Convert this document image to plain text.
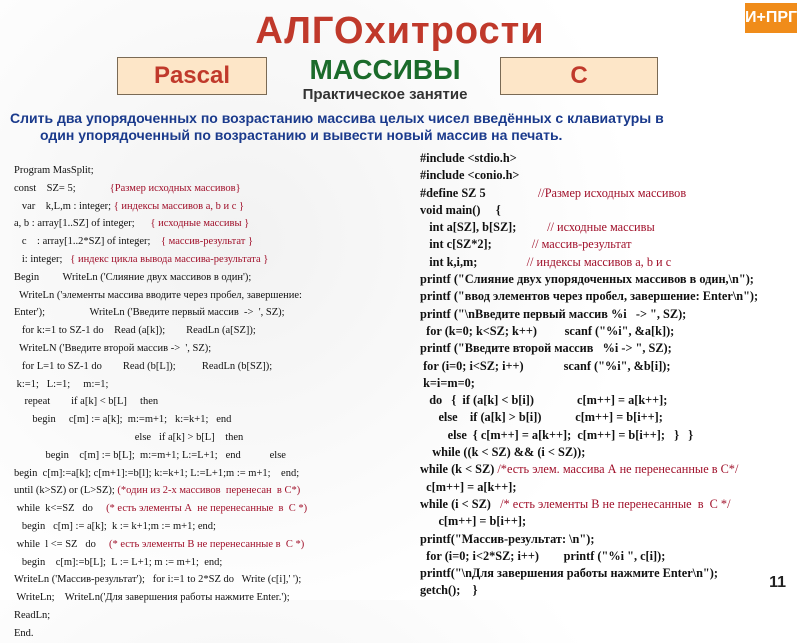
И+ПРГ
АЛГОхитрости
Pascal	МАССИВЫ	С
Практическое занятие
Слить два упорядоченных по возрастанию массива целых чисел введённых с клавиатуры в
один упорядоченный по возрастанию и вывести новый массив на печать.
Program MasSplit;
const    SZ= 5;             {Размер исходных массивов}
var    k,L,m : integer; { индексы массивов a, b и c }
a, b : array[1..SZ] of integer;      { исходные массивы }
c    : array[1..2*SZ] of integer;    { массив-результат }
i: integer;   { индекс цикла вывода массива-результата }
Begin         WriteLn ('Слияние двух массивов в один');
WriteLn ('элементы массива вводите через пробел, завершение:
Enter');                 WriteLn ('Введите первый массив  ->  ', SZ);
for k:=1 to SZ-1 do    Read (a[k]);        ReadLn (a[SZ]);
WriteLN ('Введите второй массив ->  ', SZ);
for L=1 to SZ-1 do        Read (b[L]);          ReadLn (b[SZ]);
k:=1;   L:=1;     m:=1;
repeat        if a[k] < b[L]     then
begin     c[m] := a[k];  m:=m+1;   k:=k+1;   end
else   if a[k] > b[L]    then
begin    c[m] := b[L];  m:=m+1; L:=L+1;   end           else
begin  c[m]:=a[k]; c[m+1]:=b[l]; k:=k+1; L:=L+1;m := m+1;    end;
until (k>SZ) or (L>SZ); (*один из 2-х массивов  перенесан  в C*)
while  k<=SZ   do     (* есть элементы А  не перенесанные  в  С *)
begin   c[m] := a[k];  k := k+1;m := m+1; end;
while  l <= SZ   do     (* есть элементы В не перенесанные в  С *)
begin    c[m]:=b[L];  L := L+1; m := m+1;  end;
WriteLn ('Массив-результат');   for i:=1 to 2*SZ do   Write (c[i],' ');
WriteLn;    WriteLn('Для завершения работы нажмите Enter.');
ReadLn;
End.
#include <stdio.h>
#include <conio.h>
#define SZ 5                 //Размер исходных массивов
void main()     {
int a[SZ], b[SZ];          // исходные массивы
int c[SZ*2];             // массив-результат
int k,i,m;                // индексы массивов a, b и c
printf ("Слияние двух упорядоченных массивов в один,\n");
printf ("ввод элементов через пробел, завершение: Enter\n");
printf ("\nВведите первый массив %i   -> ", SZ);
for (k=0; k<SZ; k++)         scanf ("%i", &a[k]);
printf ("Введите второй массив   %i -> ", SZ);
for (i=0; i<SZ; i++)             scanf ("%i", &b[i]);
k=i=m=0;
do   {  if (a[k] < b[i])              c[m++] = a[k++];
else    if (a[k] > b[i])           c[m++] = b[i++];
else  { c[m++] = a[k++];  c[m++] = b[i++];   }   }
while ((k < SZ) && (i < SZ));
while (k < SZ) /*есть элем. массива А не перенесанные в С*/
c[m++] = a[k++];
while (i < SZ)   /* есть элементы В не перенесанные  в  С */
c[m++] = b[i++];
printf("Массив-результат: \n");
for (i=0; i<2*SZ; i++)        printf ("%i ", c[i]);
printf("\nДля завершения работы нажмите Enter\n");
getch();    }	11
